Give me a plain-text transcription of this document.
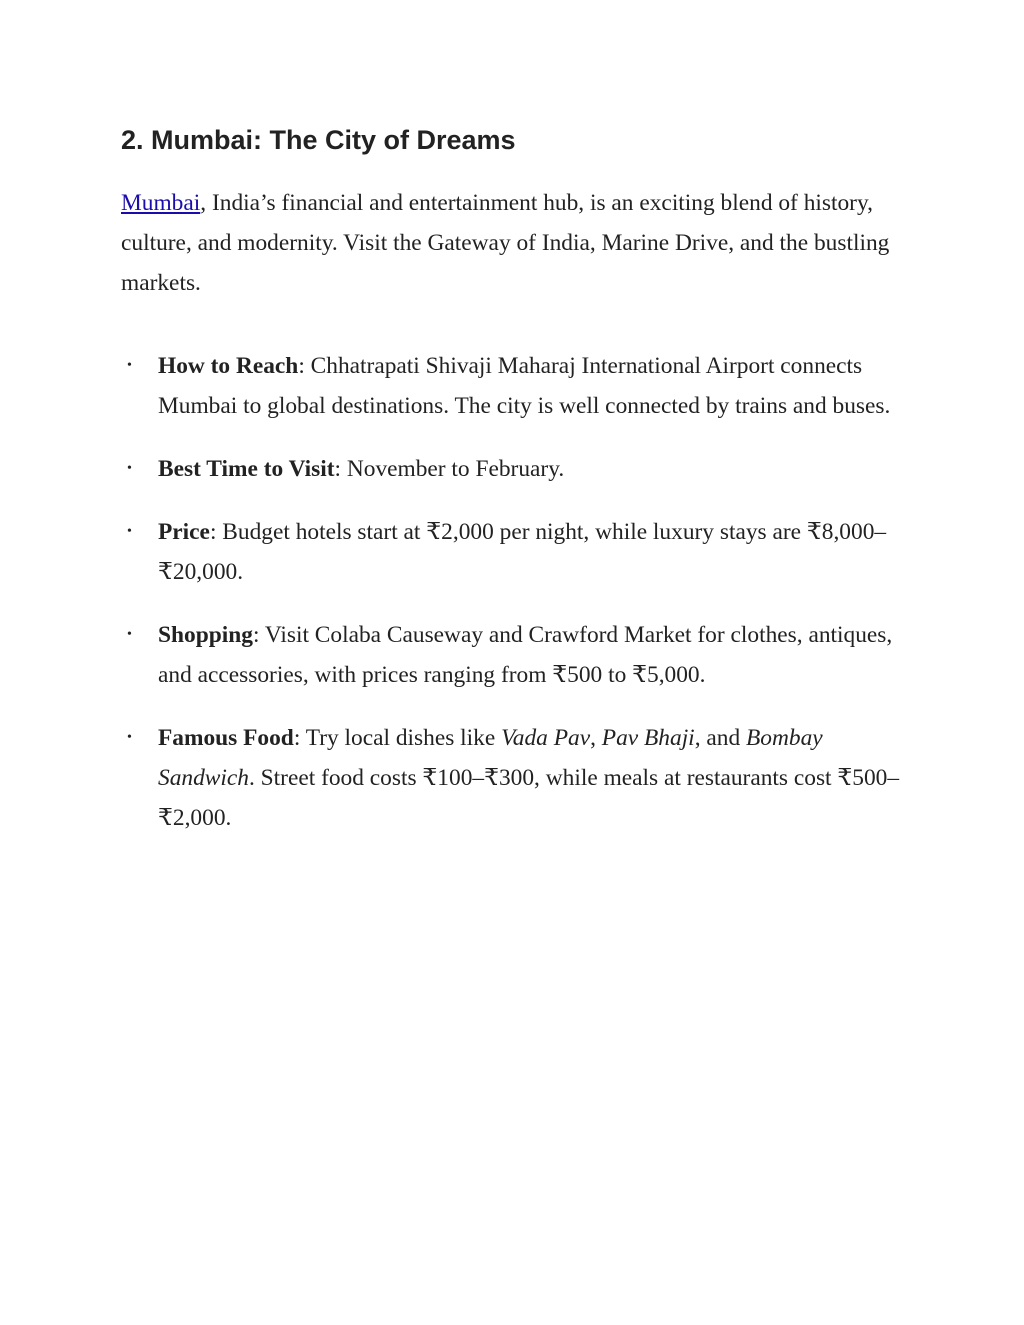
2. Mumbai: The City of Dreams

Mumbai, India’s financial and entertainment hub, is an exciting blend of history, culture, and modernity. Visit the Gateway of India, Marine Drive, and the bustling markets.

• How to Reach: Chhatrapati Shivaji Maharaj International Airport connects Mumbai to global destinations. The city is well connected by trains and buses.
• Best Time to Visit: November to February.
• Price: Budget hotels start at ₹2,000 per night, while luxury stays are ₹8,000–₹20,000.
• Shopping: Visit Colaba Causeway and Crawford Market for clothes, antiques, and accessories, with prices ranging from ₹500 to ₹5,000.
• Famous Food: Try local dishes like Vada Pav, Pav Bhaji, and Bombay Sandwich. Street food costs ₹100–₹300, while meals at restaurants cost ₹500–₹2,000.
